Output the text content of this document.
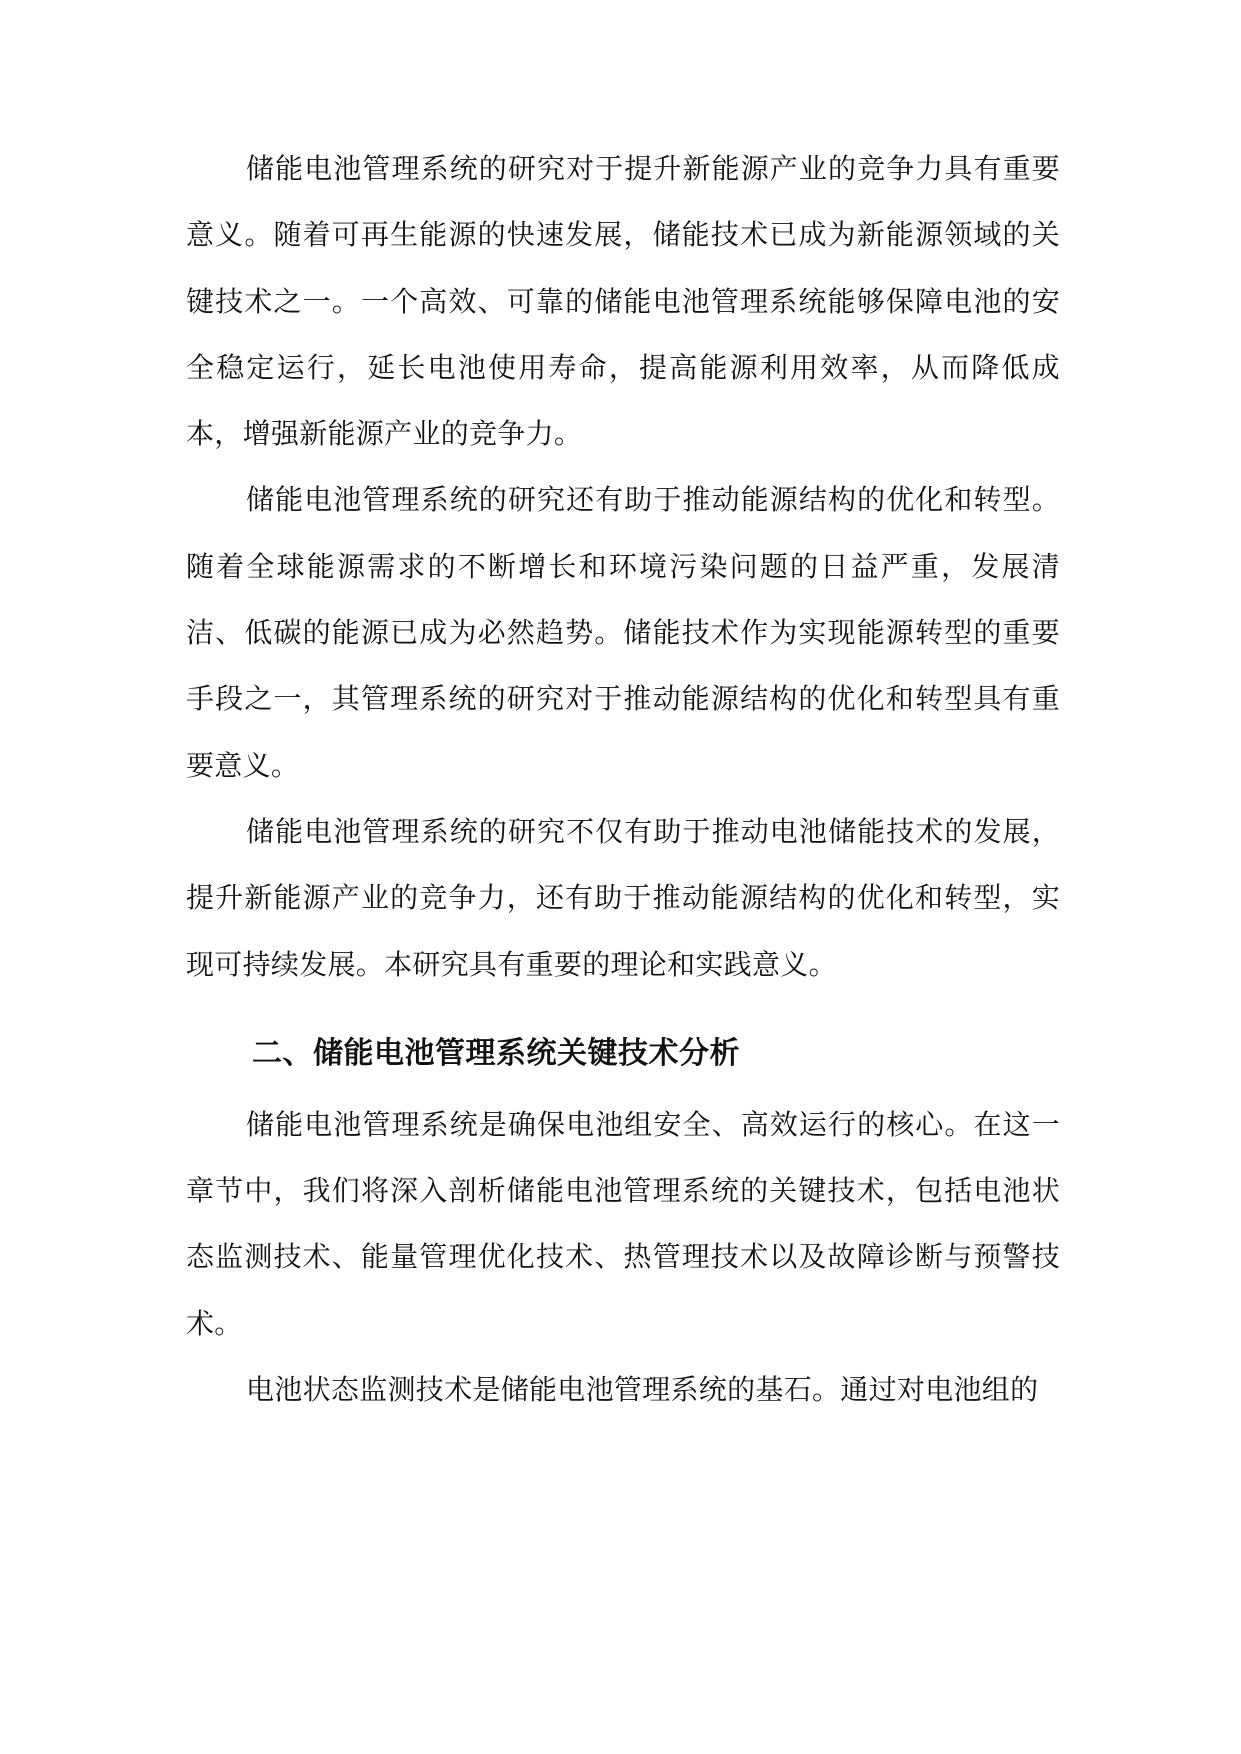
储能电池管理系统的研究对于提升新能源产业的竞争力具有重要意义。随着可再生能源的快速发展，储能技术已成为新能源领域的关键技术之一。一个高效、可靠的储能电池管理系统能够保障电池的安全稳定运行，延长电池使用寿命，提高能源利用效率，从而降低成本，增强新能源产业的竞争力。

储能电池管理系统的研究还有助于推动能源结构的优化和转型。随着全球能源需求的不断增长和环境污染问题的日益严重，发展清洁、低碳的能源已成为必然趋势。储能技术作为实现能源转型的重要手段之一，其管理系统的研究对于推动能源结构的优化和转型具有重要意义。

储能电池管理系统的研究不仅有助于推动电池储能技术的发展，提升新能源产业的竞争力，还有助于推动能源结构的优化和转型，实现可持续发展。本研究具有重要的理论和实践意义。

二、储能电池管理系统关键技术分析

储能电池管理系统是确保电池组安全、高效运行的核心。在这一章节中，我们将深入剖析储能电池管理系统的关键技术，包括电池状态监测技术、能量管理优化技术、热管理技术以及故障诊断与预警技术。

电池状态监测技术是储能电池管理系统的基石。通过对电池组的
